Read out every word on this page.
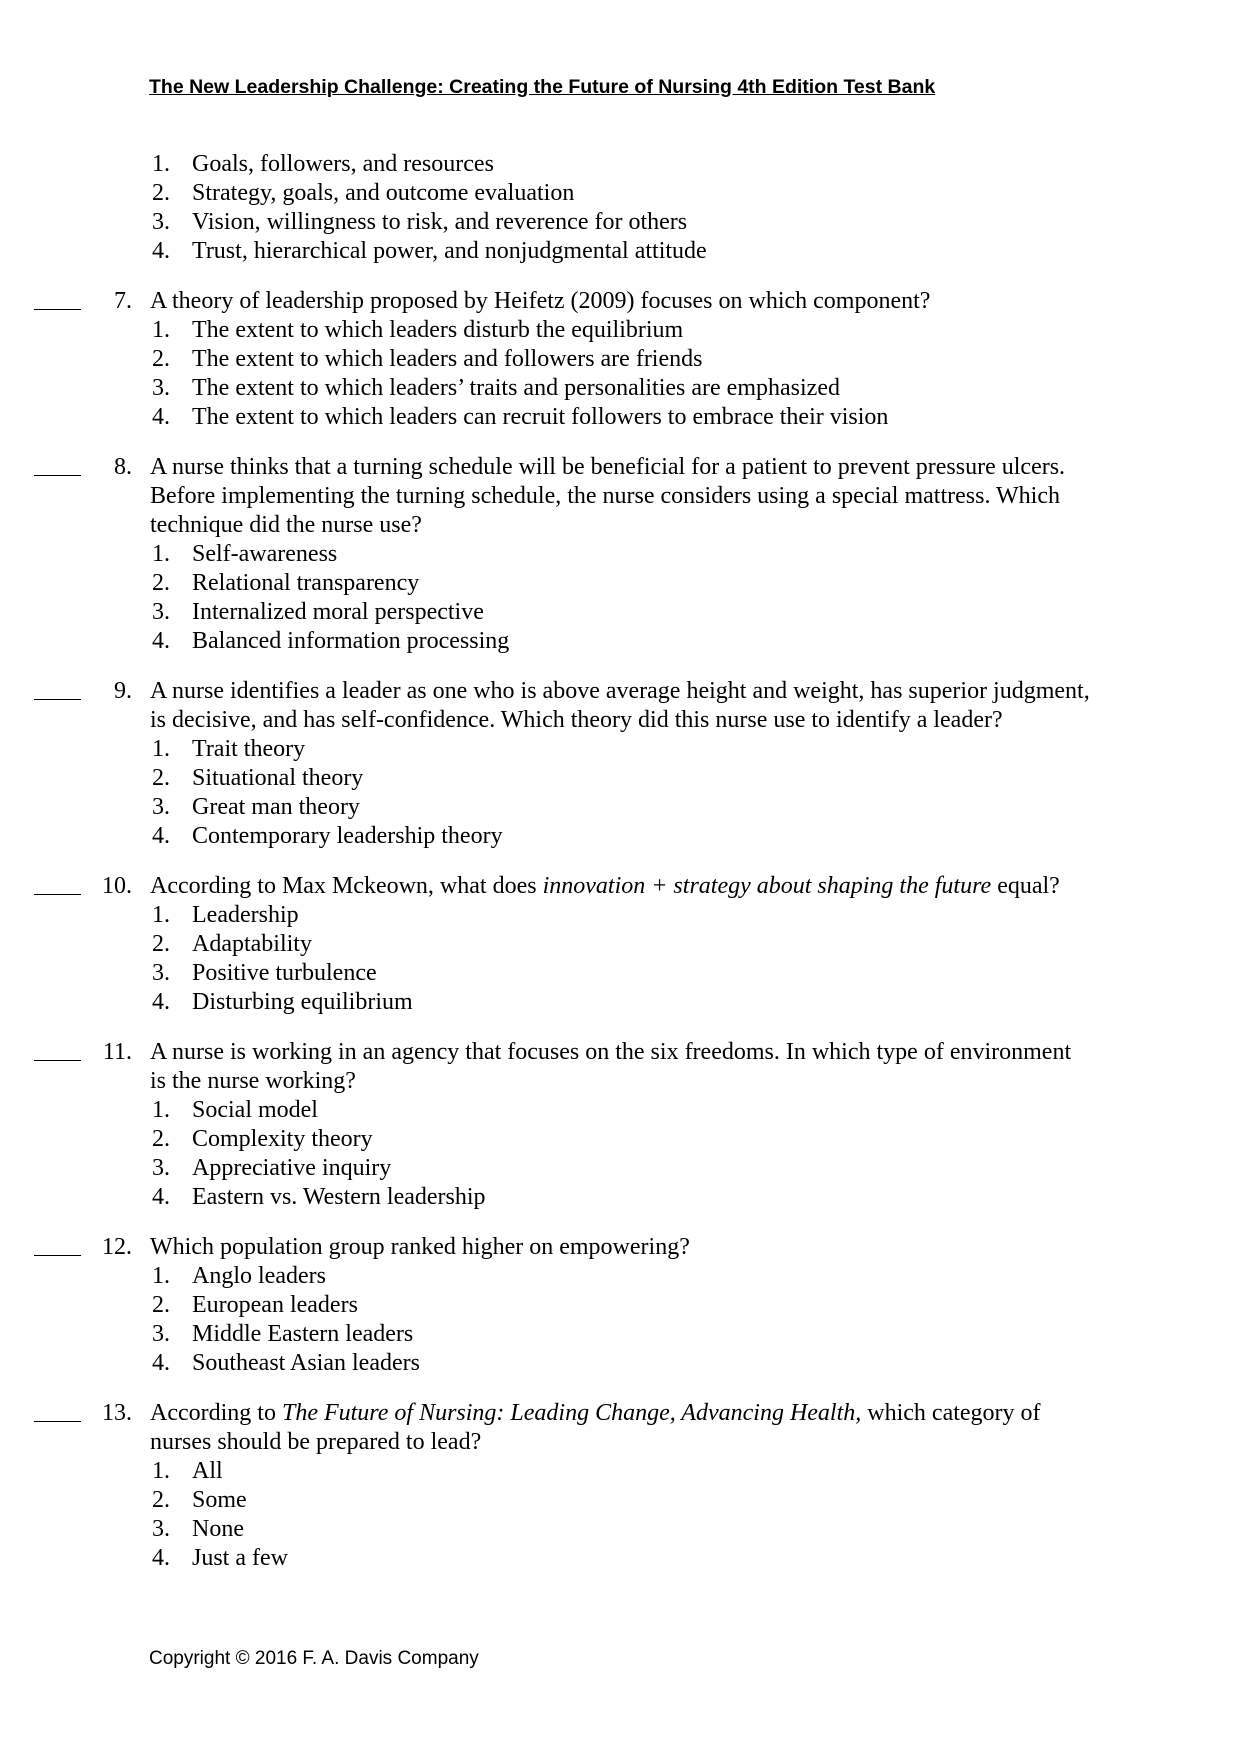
The New Leadership Challenge: Creating the Future of Nursing 4th Edition Test Bank
1. Goals, followers, and resources
2. Strategy, goals, and outcome evaluation
3. Vision, willingness to risk, and reverence for others
4. Trust, hierarchical power, and nonjudgmental attitude
7. A theory of leadership proposed by Heifetz (2009) focuses on which component?
1. The extent to which leaders disturb the equilibrium
2. The extent to which leaders and followers are friends
3. The extent to which leaders’ traits and personalities are emphasized
4. The extent to which leaders can recruit followers to embrace their vision
8. A nurse thinks that a turning schedule will be beneficial for a patient to prevent pressure ulcers. Before implementing the turning schedule, the nurse considers using a special mattress. Which technique did the nurse use?
1. Self-awareness
2. Relational transparency
3. Internalized moral perspective
4. Balanced information processing
9. A nurse identifies a leader as one who is above average height and weight, has superior judgment, is decisive, and has self-confidence. Which theory did this nurse use to identify a leader?
1. Trait theory
2. Situational theory
3. Great man theory
4. Contemporary leadership theory
10. According to Max Mckeown, what does innovation + strategy about shaping the future equal?
1. Leadership
2. Adaptability
3. Positive turbulence
4. Disturbing equilibrium
11. A nurse is working in an agency that focuses on the six freedoms. In which type of environment is the nurse working?
1. Social model
2. Complexity theory
3. Appreciative inquiry
4. Eastern vs. Western leadership
12. Which population group ranked higher on empowering?
1. Anglo leaders
2. European leaders
3. Middle Eastern leaders
4. Southeast Asian leaders
13. According to The Future of Nursing: Leading Change, Advancing Health, which category of nurses should be prepared to lead?
1. All
2. Some
3. None
4. Just a few
Copyright © 2016 F. A. Davis Company
